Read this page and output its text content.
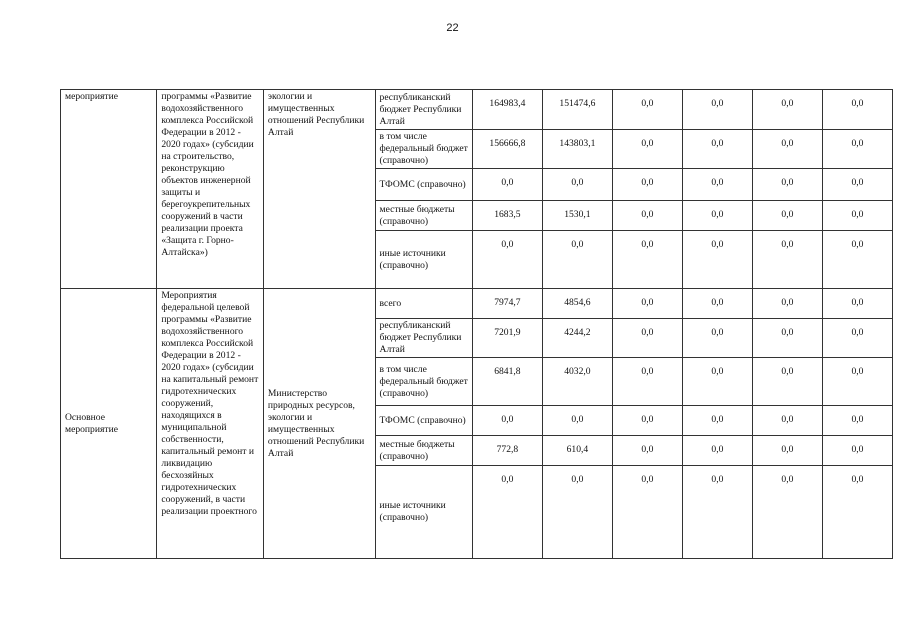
22
мероприятие	программы «Развитие водохозяйственного комплекса Российской Федерации в 2012 - 2020 годах» (субсидии на строительство, реконструкцию объектов инженерной защиты и берегоукрепительных сооружений в части реализации проекта «Защита г. Горно-Алтайска»)	экологии и имущественных отношений Республики Алтай	республиканский бюджет Республики Алтай	164983,4	151474,6	0,0	0,0	0,0	0,0
			в том числе федеральный бюджет (справочно)	156666,8	143803,1	0,0	0,0	0,0	0,0
			ТФОМС (справочно)	0,0	0,0	0,0	0,0	0,0	0,0
			местные бюджеты (справочно)	1683,5	1530,1	0,0	0,0	0,0	0,0
			иные источники (справочно)	0,0	0,0	0,0	0,0	0,0	0,0
Основное мероприятие	Мероприятия федеральной целевой программы «Развитие водохозяйственного комплекса Российской Федерации в 2012 - 2020 годах» (субсидии на капитальный ремонт гидротехнических сооружений, находящихся в муниципальной собственности, капитальный ремонт и ликвидацию бесхозяйных гидротехнических сооружений, в части реализации проектного	Министерство природных ресурсов, экологии и имущественных отношений Республики Алтай	всего	7974,7	4854,6	0,0	0,0	0,0	0,0
			республиканский бюджет Республики Алтай	7201,9	4244,2	0,0	0,0	0,0	0,0
			в том числе федеральный бюджет (справочно)	6841,8	4032,0	0,0	0,0	0,0	0,0
			ТФОМС (справочно)	0,0	0,0	0,0	0,0	0,0	0,0
			местные бюджеты (справочно)	772,8	610,4	0,0	0,0	0,0	0,0
			иные источники (справочно)	0,0	0,0	0,0	0,0	0,0	0,0
